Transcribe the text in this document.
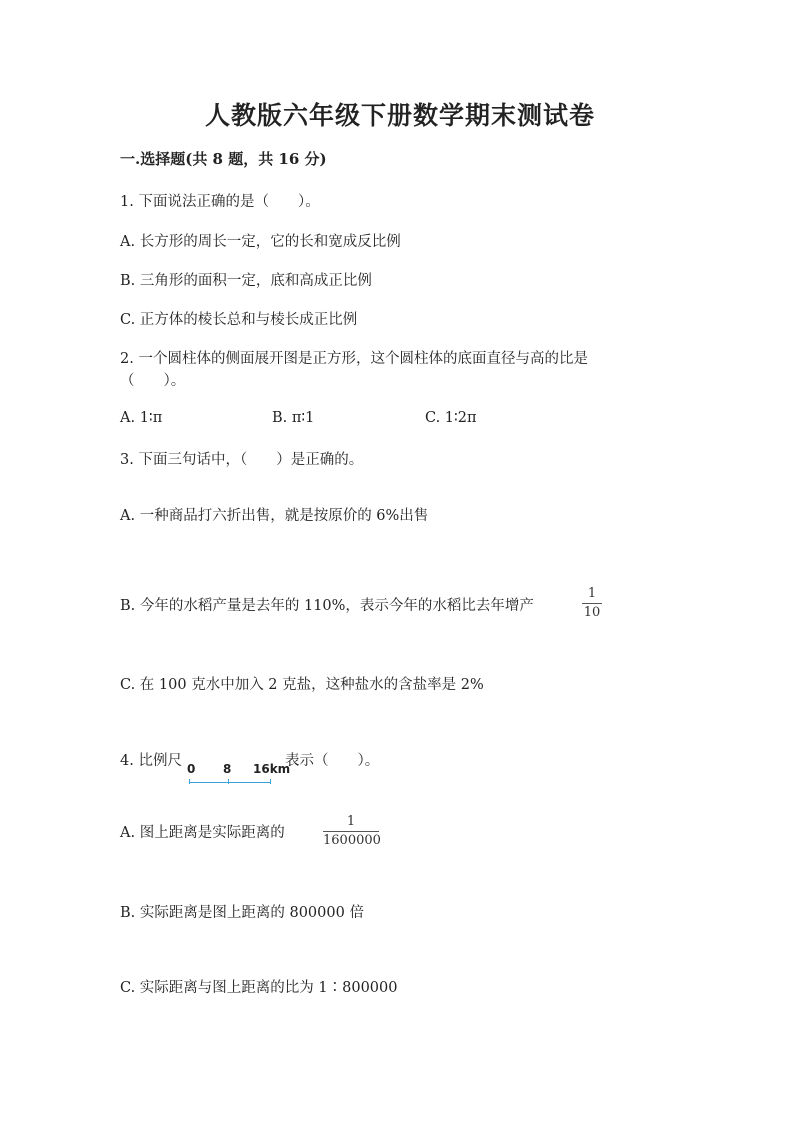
人教版六年级下册数学期末测试卷
一.选择题(共 8 题，共 16 分)
1. 下面说法正确的是（　　）。
A. 长方形的周长一定，它的长和宽成反比例
B. 三角形的面积一定，底和高成正比例
C. 正方体的棱长总和与棱长成正比例
2. 一个圆柱体的侧面展开图是正方形，这个圆柱体的底面直径与高的比是
（　　）。
A. 1∶π	B. π∶1	C. 1∶2π
3. 下面三句话中，（　　）是正确的。
A. 一种商品打六折出售，就是按原价的 6%出售
B. 今年的水稻产量是去年的 110%，表示今年的水稻比去年增产
1
10
C. 在 100 克水中加入 2 克盐，这种盐水的含盐率是 2%
4. 比例尺 0 8 16km
表示（　　）。
A. 图上距离是实际距离的
1
1600000
B. 实际距离是图上距离的 800000 倍
C. 实际距离与图上距离的比为 1∶800000
